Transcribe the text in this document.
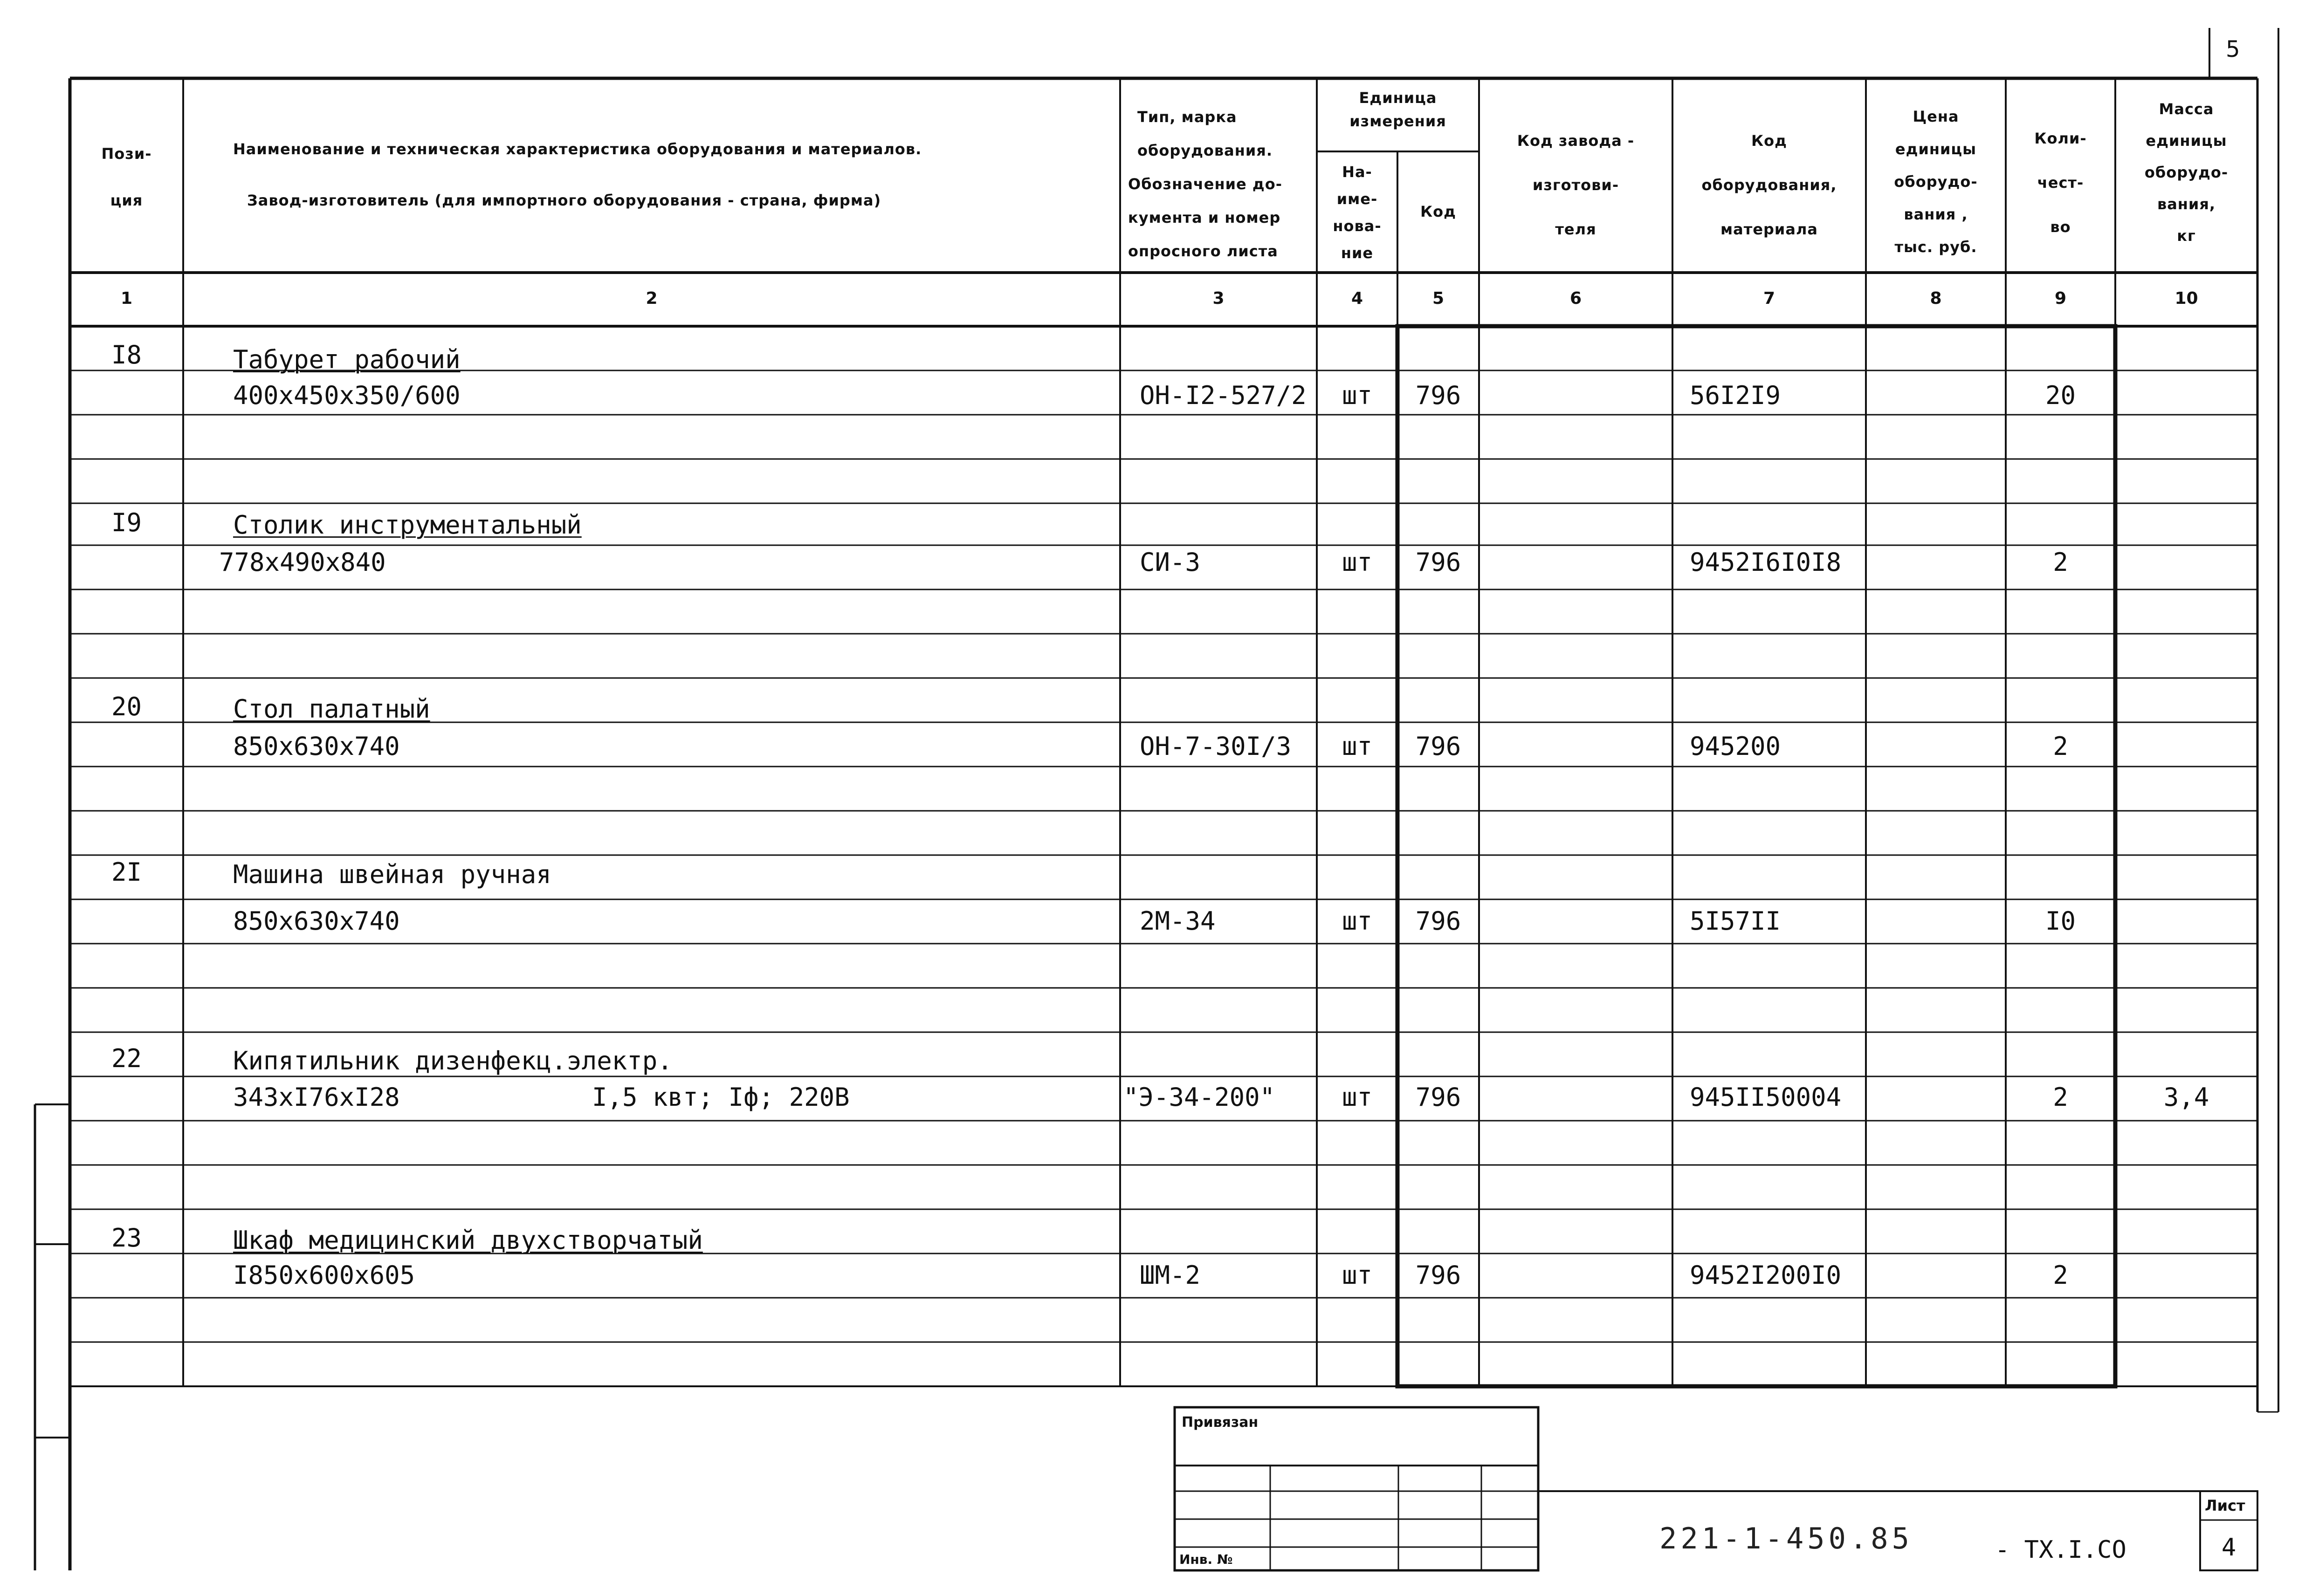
5
Пози-
ция
Наименование и техническая характеристика оборудования и материалов.
Завод-изготовитель (для импортного оборудования - страна, фирма)
Тип, марка
оборудования.
Обозначение до-
кумента и номер
опросного листа
Единица
измерения
На-
име-
нова-
ние
Код
Код завода -
изготови-
теля
Код
оборудования,
материала
Цена
единицы
оборудо-
вания ,
тыс. руб.
Коли-
чест-
во
Масса
единицы
оборудо-
вания,
кг
1	2	3	4	5	6	7	8	9	10
I8	Табурет рабочий
400x450x350/600	ОН-I2-527/2	шт	796	56I2I9	20
I9	Столик инструментальный
778x490x840	СИ-3	шт	796	9452I6I0I8	2
20	Стол палатный
850x630x740	ОН-7-30I/3	шт	796	945200	2
2I	Машина швейная ручная
850x630x740	2М-34	шт	796	5I57II	I0
22	Кипятильник дизенфекц.электр.
343xI76xI28	I,5 квт; Iф; 220В	"Э-34-200"	шт	796	945II50004	2	3,4
23	Шкаф медицинский двухстворчатый
I850x600x605	ШМ-2	шт	796	9452I200I0	2
Привязан
Инв. №
221-1-450.85	- ТХ.I.СО
Лист
4
